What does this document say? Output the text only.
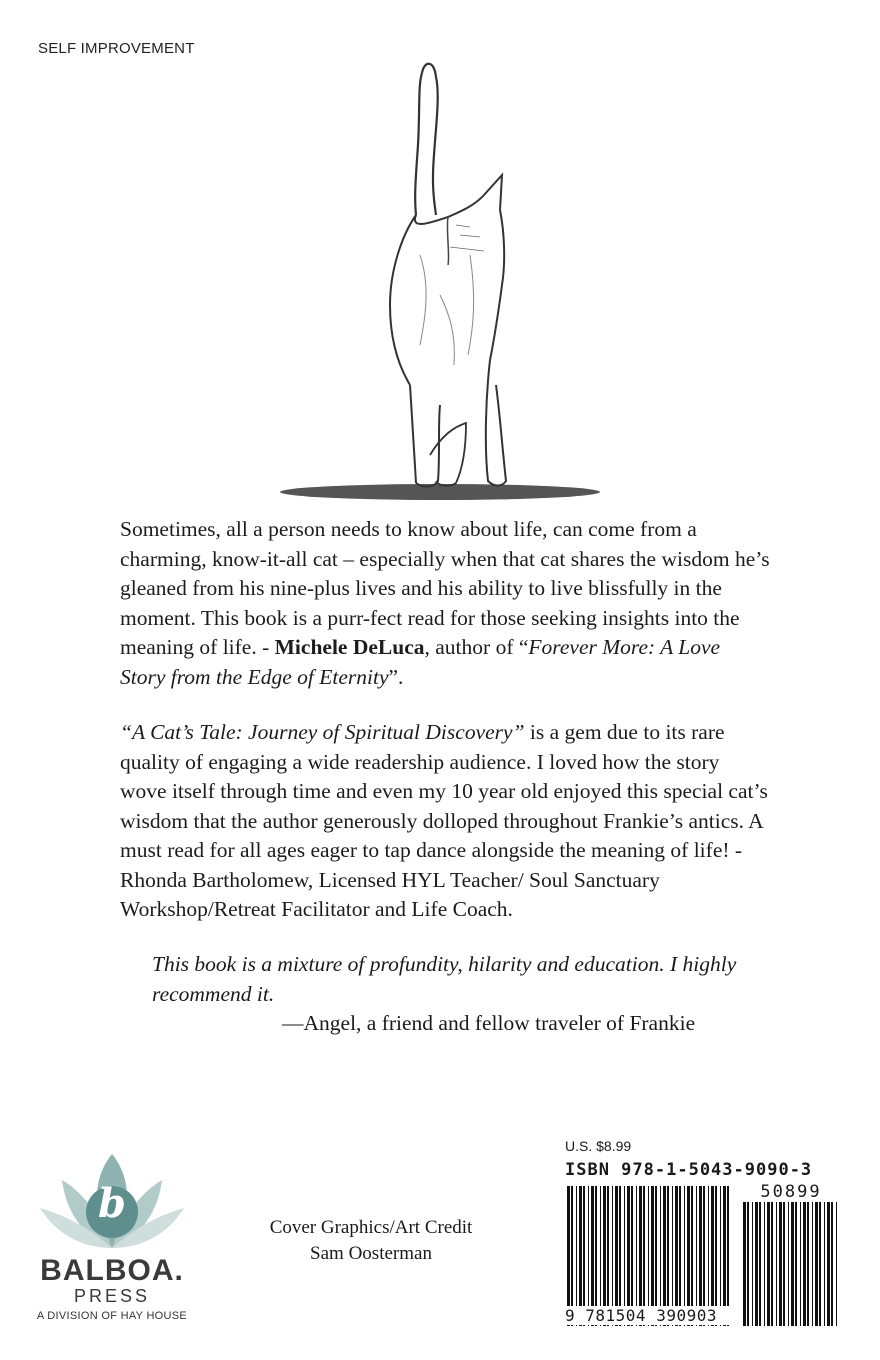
SELF IMPROVEMENT

Sometimes, all a person needs to know about life, can come from a charming, know-it-all cat – especially when that cat shares the wisdom he’s gleaned from his nine-plus lives and his ability to live blissfully in the moment. This book is a purr-fect read for those seeking insights into the meaning of life. - Michele DeLuca, author of “Forever More: A Love Story from the Edge of Eternity”.

“A Cat’s Tale: Journey of Spiritual Discovery” is a gem due to its rare quality of engaging a wide readership audience. I loved how the story wove itself through time and even my 10 year old enjoyed this special cat’s wisdom that the author generously dolloped throughout Frankie’s antics. A must read for all ages eager to tap dance alongside the meaning of life! - Rhonda Bartholomew, Licensed HYL Teacher/ Soul Sanctuary Workshop/Retreat Facilitator and Life Coach.

This book is a mixture of profundity, hilarity and education. I highly recommend it.

—Angel, a friend and fellow traveler of Frankie

b
BALBOA.
PRESS
A DIVISION OF HAY HOUSE
Cover Graphics/Art Credit
Sam Oosterman
U.S. $8.99
ISBN 978-1-5043-9090-3
50899
9 781504 390903
